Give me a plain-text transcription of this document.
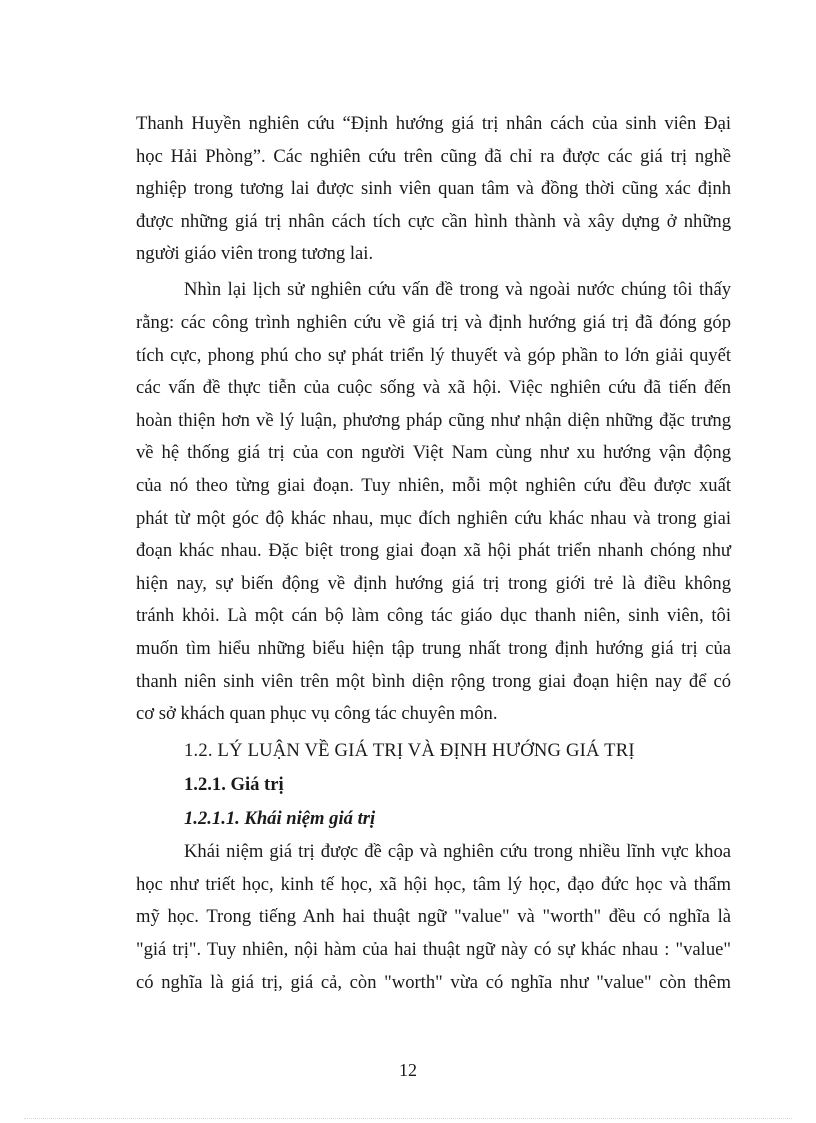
Thanh Huyền nghiên cứu “Định hướng giá trị nhân cách của sinh viên Đại
học Hải Phòng”. Các nghiên cứu trên cũng đã chỉ ra được các giá trị nghề
nghiệp trong tương lai được sinh viên quan tâm và đồng thời cũng xác định
được những giá trị nhân cách tích cực cần hình thành và xây dựng ở những
người giáo viên trong tương lai.
Nhìn lại lịch sử nghiên cứu vấn đề trong và ngoài nước chúng tôi thấy
rằng: các công trình nghiên cứu về giá trị và định hướng giá trị đã đóng góp
tích cực, phong phú cho sự phát triển lý thuyết và góp phần to lớn giải quyết
các vấn đề thực tiễn của cuộc sống và xã hội. Việc nghiên cứu đã tiến đến
hoàn thiện hơn về lý luận, phương pháp cũng như nhận diện những đặc trưng
về hệ thống giá trị của con người Việt Nam cùng như xu hướng vận động
của nó theo từng giai đoạn. Tuy nhiên, mỗi một nghiên cứu đều được xuất
phát từ một góc độ khác nhau, mục đích nghiên cứu khác nhau và trong giai
đoạn khác nhau. Đặc biệt trong giai đoạn xã hội phát triển nhanh chóng như
hiện nay, sự biến động về định hướng giá trị trong giới trẻ là điều không
tránh khỏi. Là một cán bộ làm công tác giáo dục thanh niên, sinh viên, tôi
muốn tìm hiểu những biểu hiện tập trung nhất trong định hướng giá trị của
thanh niên sinh viên trên một bình diện rộng trong giai đoạn hiện nay để có
cơ sở khách quan phục vụ công tác chuyên môn.
1.2. LÝ LUẬN VỀ GIÁ TRỊ VÀ ĐỊNH HƯỚNG GIÁ TRỊ
1.2.1. Giá trị
1.2.1.1. Khái niệm giá trị
Khái niệm giá trị được đề cập và nghiên cứu trong nhiều lĩnh vực khoa
học như triết học, kinh tế học, xã hội học, tâm lý học, đạo đức học và thẩm
mỹ học. Trong tiếng Anh hai thuật ngữ "value" và "worth" đều có nghĩa là
"giá trị". Tuy nhiên, nội hàm của hai thuật ngữ này có sự khác nhau : "value"
có nghĩa là giá trị, giá cả, còn "worth" vừa có nghĩa như "value" còn thêm
12
